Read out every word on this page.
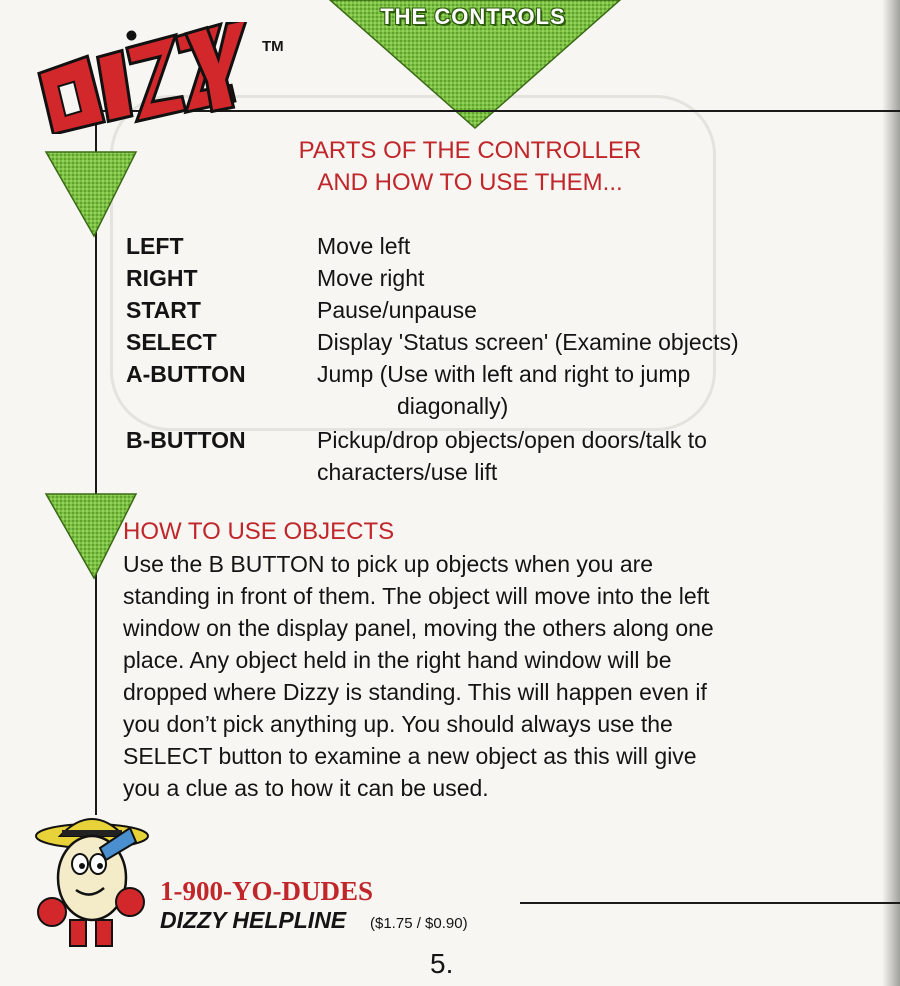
THE CONTROLS
TM
PARTS OF THE CONTROLLER
AND HOW TO USE THEM...
LEFT	Move left
RIGHT	Move right
START	Pause/unpause
SELECT	Display 'Status screen' (Examine objects)
A-BUTTON	Jump (Use with left and right to jump
diagonally)
B-BUTTON	Pickup/drop objects/open doors/talk to
characters/use lift
HOW TO USE OBJECTS
Use the B BUTTON to pick up objects when you are
standing in front of them. The object will move into the left
window on the display panel, moving the others along one
place. Any object held in the right hand window will be
dropped where Dizzy is standing. This will happen even if
you don’t pick anything up. You should always use the
SELECT button to examine a new object as this will give
you a clue as to how it can be used.
1-900-YO-DUDES
DIZZY HELPLINE ($1.75 / $0.90)
5.
